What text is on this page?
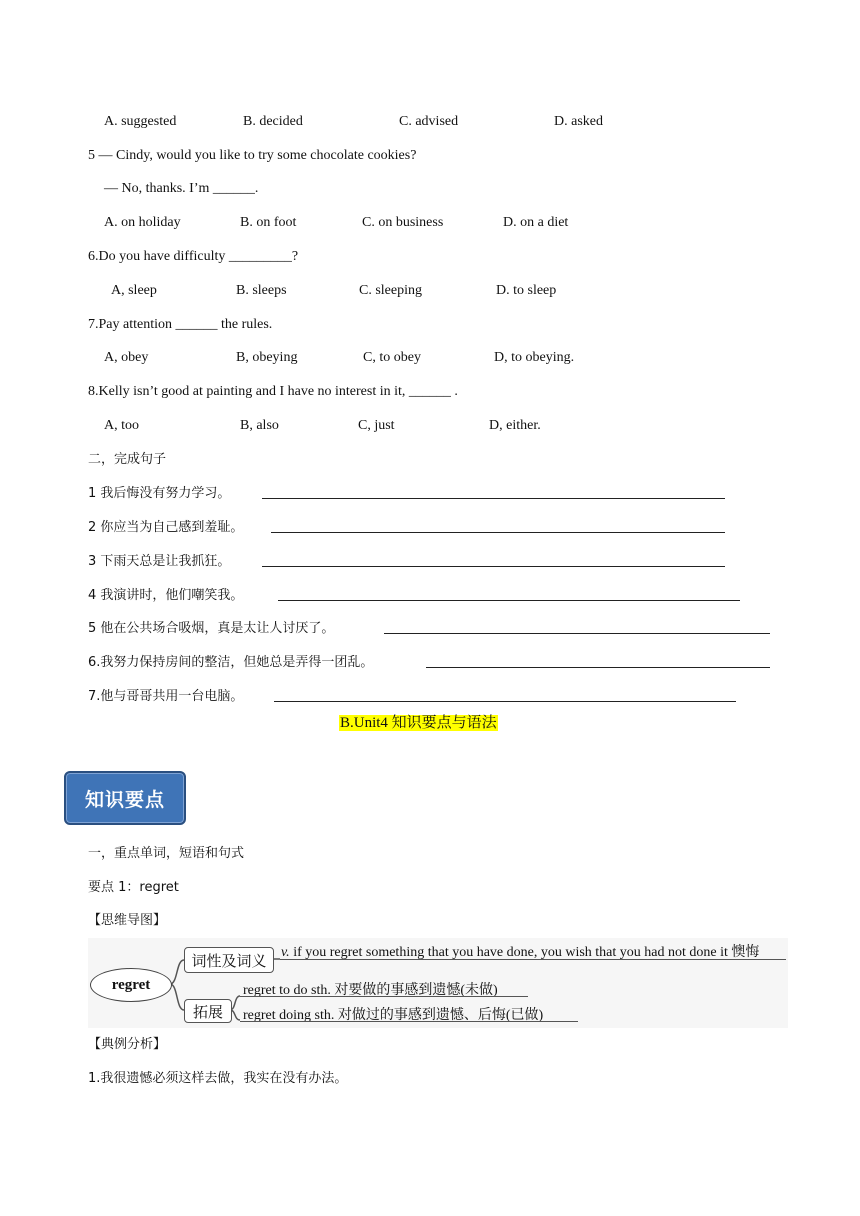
A. suggested	B. decided	C. advised	D. asked
5 — Cindy, would you like to try some chocolate cookies?
— No, thanks. I’m ______.
A. on holiday	B. on foot	C. on business	D. on a diet
6.Do you have difficulty _________?
A, sleep	B. sleeps	C. sleeping	D. to sleep
7.Pay attention ______ the rules.
A, obey	B, obeying	C, to obey	D, to obeying.
8.Kelly isn’t good at painting and I have no interest in it, ______ .
A, too	B, also	C, just	D, either.
二，完成句子
1 我后悔没有努力学习。
2 你应当为自己感到羞耻。
3 下雨天总是让我抓狂。
4 我演讲时，他们嘲笑我。
5 他在公共场合吸烟，真是太让人讨厌了。
6.我努力保持房间的整洁，但她总是弄得一团乱。
7.他与哥哥共用一台电脑。
B.Unit4 知识要点与语法
知识要点
一，重点单词，短语和句式
要点 1：regret
【思维导图】
regret
词性及词义 v. if you regret something that you have done, you wish that you had not done it 懊悔
拓展
regret to do sth. 对要做的事感到遗憾(未做)
regret doing sth. 对做过的事感到遗憾、后悔(已做)
【典例分析】
1.我很遗憾必须这样去做，我实在没有办法。
